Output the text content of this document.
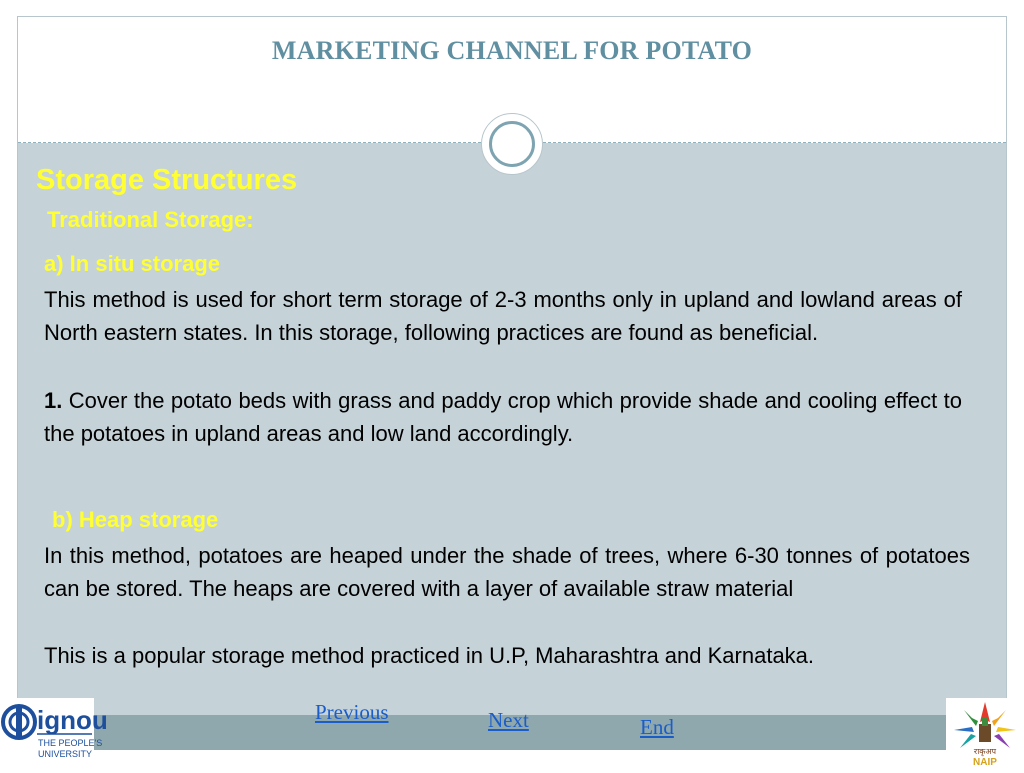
MARKETING CHANNEL FOR POTATO
Storage Structures
Traditional Storage:
a) In situ storage
This method is used for short term storage of 2-3 months only in upland and lowland areas of North eastern states. In this storage, following practices are found as beneficial.
1. Cover the potato beds with grass and paddy crop which provide shade and cooling effect to the potatoes in upland areas and low land accordingly.
b) Heap storage
In this method, potatoes are heaped under the shade of trees, where 6-30 tonnes of potatoes can be stored. The heaps are covered with a layer of available straw material
This is a popular storage method practiced in U.P, Maharashtra and Karnataka.
Previous	Next	End
ignou
THE PEOPLE'S
UNIVERSITY	राकृअप
NAIP
